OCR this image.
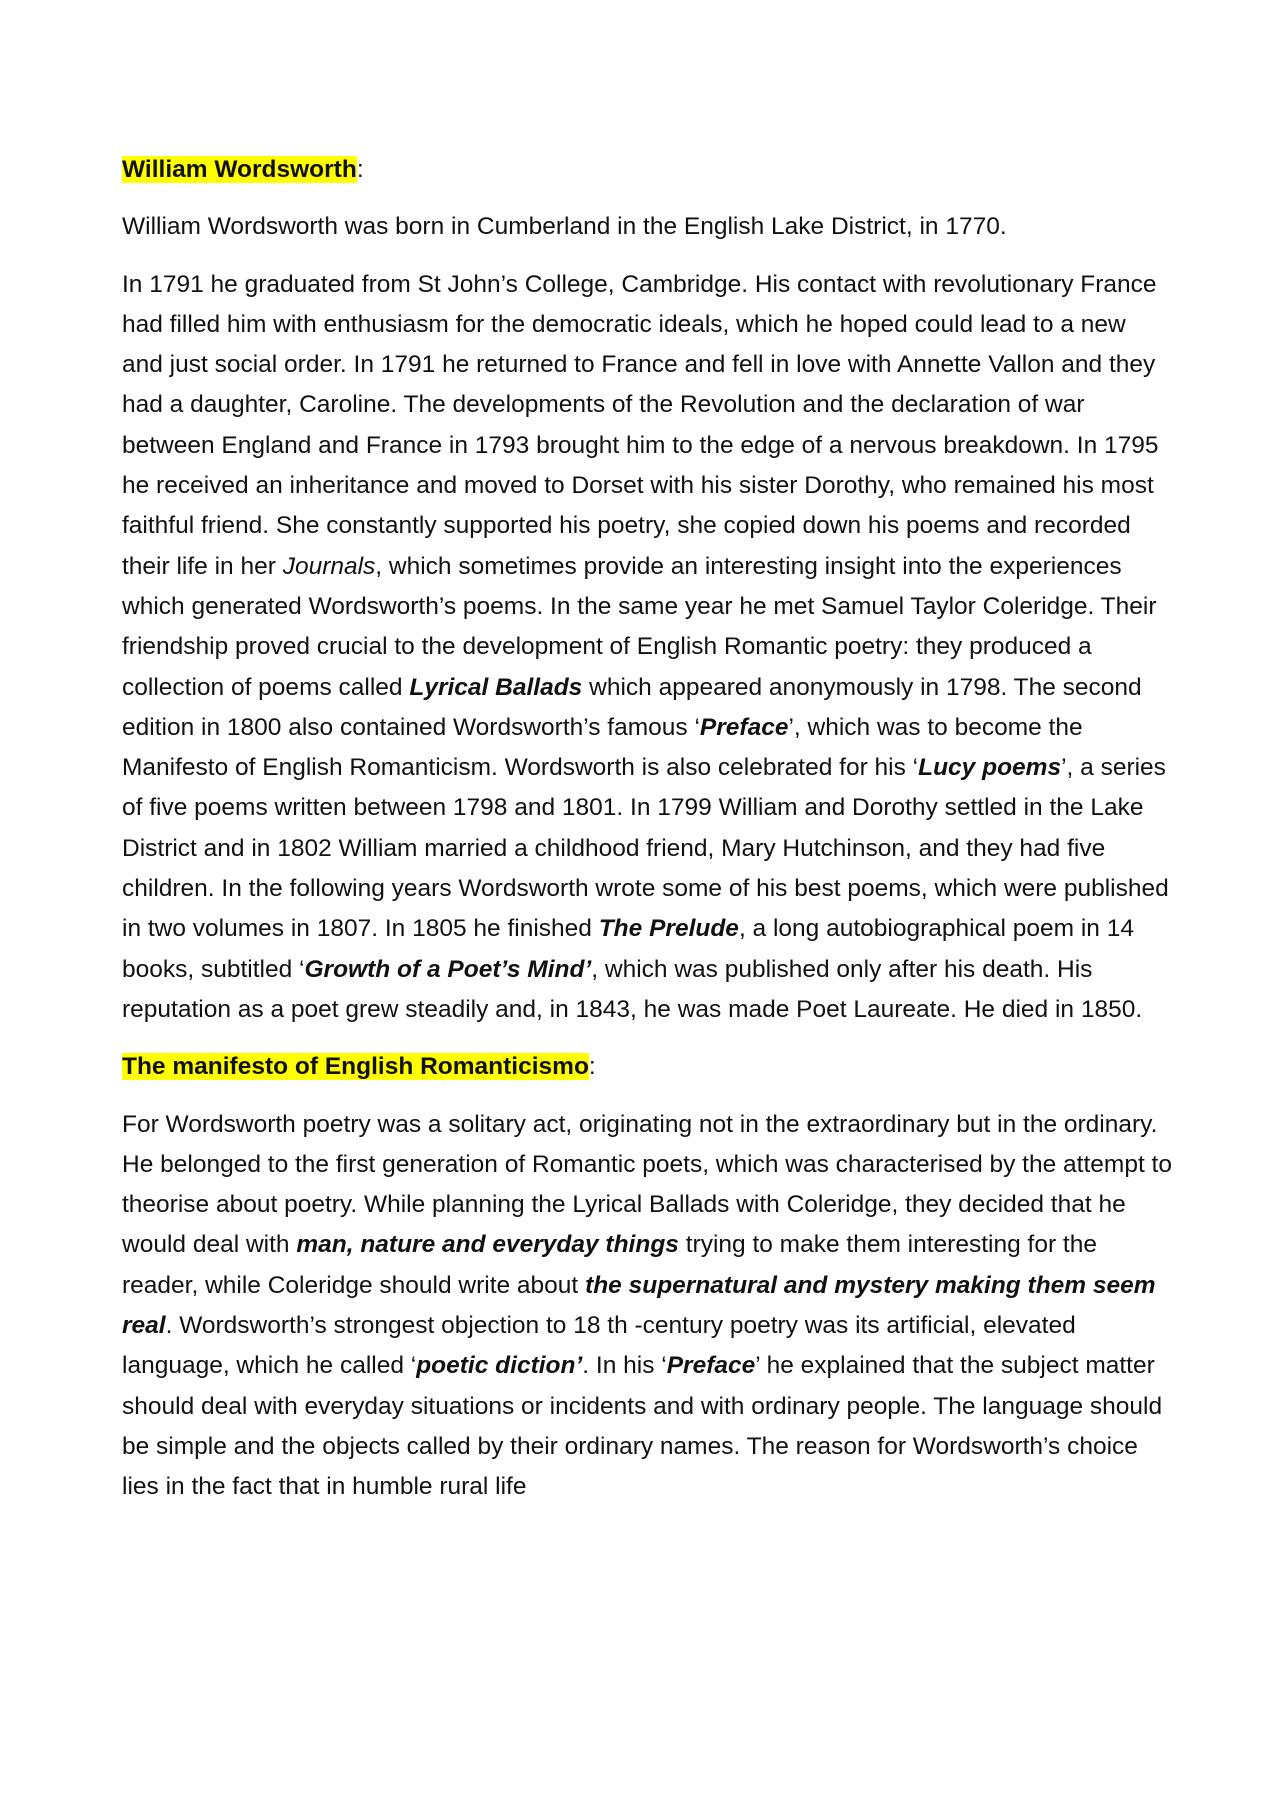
William Wordsworth:

William Wordsworth was born in Cumberland in the English Lake District, in 1770.

In 1791 he graduated from St John’s College, Cambridge. His contact with revolutionary France had filled him with enthusiasm for the democratic ideals, which he hoped could lead to a new and just social order. In 1791 he returned to France and fell in love with Annette Vallon and they had a daughter, Caroline. The developments of the Revolution and the declaration of war between England and France in 1793 brought him to the edge of a nervous breakdown. In 1795 he received an inheritance and moved to Dorset with his sister Dorothy, who remained his most faithful friend. She constantly supported his poetry, she copied down his poems and recorded their life in her Journals, which sometimes provide an interesting insight into the experiences which generated Wordsworth’s poems. In the same year he met Samuel Taylor Coleridge. Their friendship proved crucial to the development of English Romantic poetry: they produced a collection of poems called Lyrical Ballads which appeared anonymously in 1798. The second edition in 1800 also contained Wordsworth’s famous ‘Preface’, which was to become the Manifesto of English Romanticism. Wordsworth is also celebrated for his ‘Lucy poems’, a series of five poems written between 1798 and 1801. In 1799 William and Dorothy settled in the Lake District and in 1802 William married a childhood friend, Mary Hutchinson, and they had five children. In the following years Wordsworth wrote some of his best poems, which were published in two volumes in 1807. In 1805 he finished The Prelude, a long autobiographical poem in 14 books, subtitled ‘Growth of a Poet’s Mind’, which was published only after his death. His reputation as a poet grew steadily and, in 1843, he was made Poet Laureate. He died in 1850.

The manifesto of English Romanticismo:

For Wordsworth poetry was a solitary act, originating not in the extraordinary but in the ordinary. He belonged to the first generation of Romantic poets, which was characterised by the attempt to theorise about poetry. While planning the Lyrical Ballads with Coleridge, they decided that he would deal with man, nature and everyday things trying to make them interesting for the reader, while Coleridge should write about the supernatural and mystery making them seem real. Wordsworth’s strongest objection to 18 th -century poetry was its artificial, elevated language, which he called ‘poetic diction’. In his ‘Preface’ he explained that the subject matter should deal with everyday situations or incidents and with ordinary people. The language should be simple and the objects called by their ordinary names. The reason for Wordsworth’s choice lies in the fact that in humble rural life
